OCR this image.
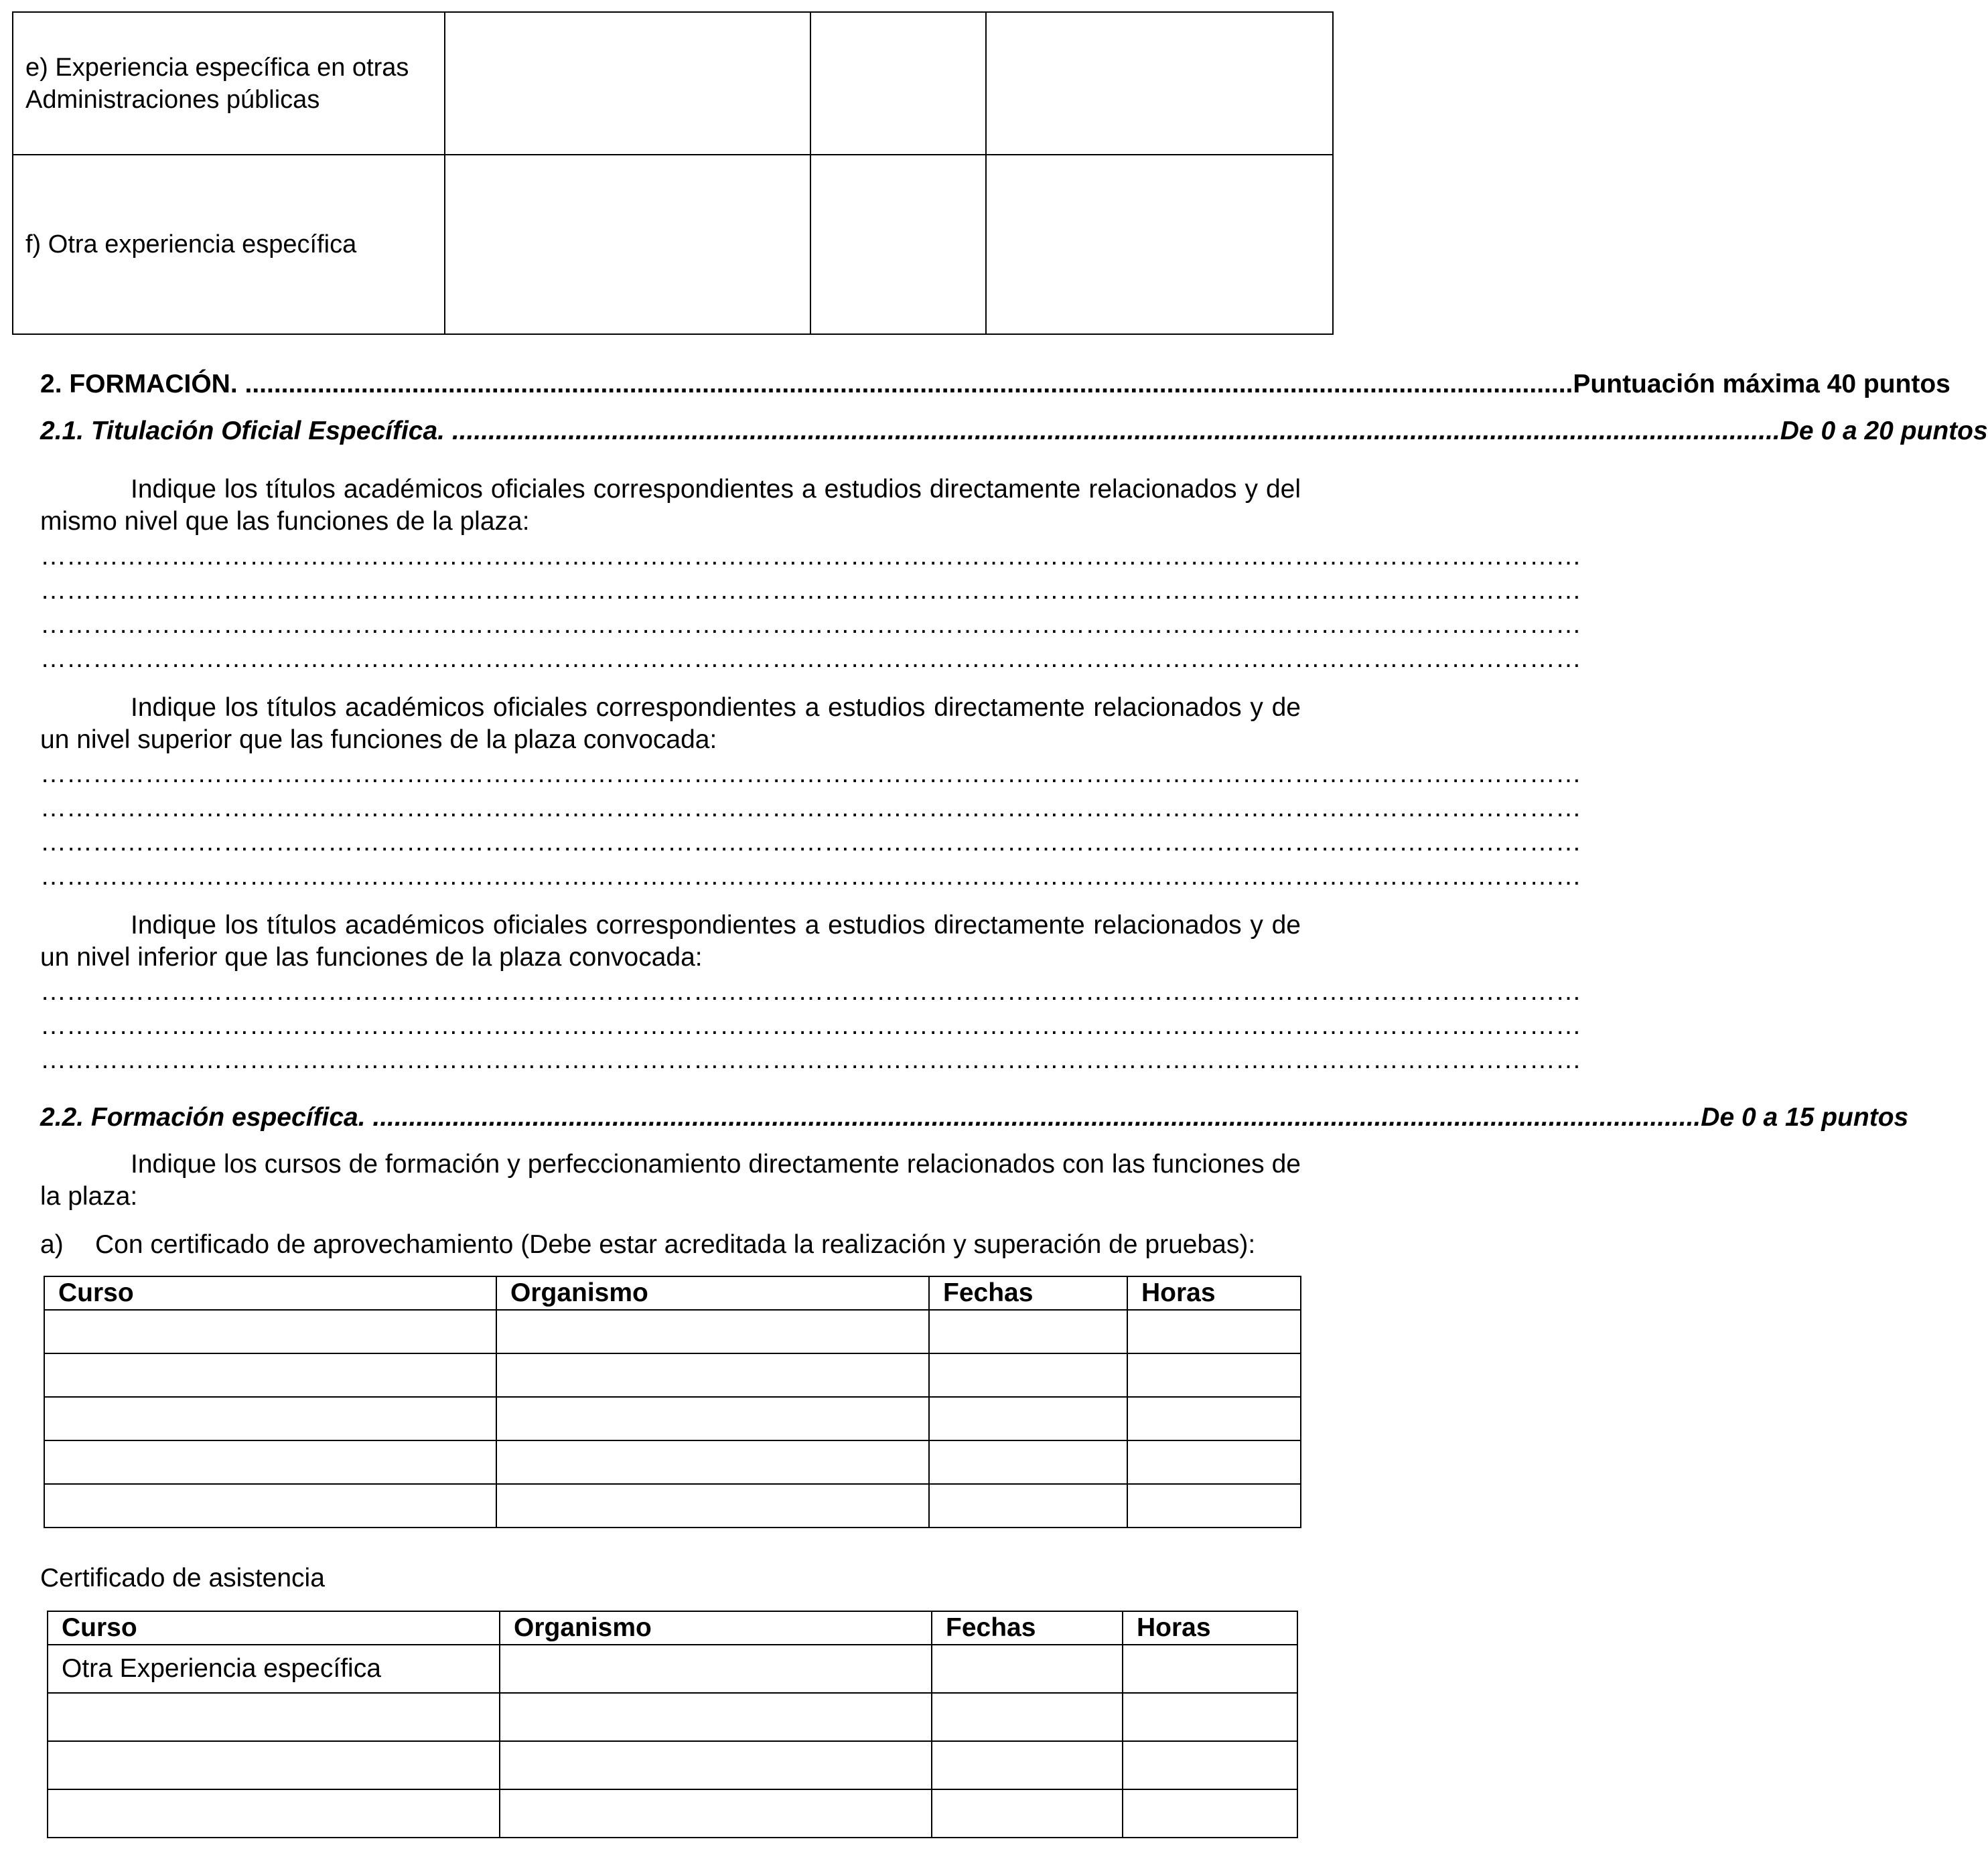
e) Experiencia específica en otras Administraciones públicas			
f) Otra experiencia específica			
2. FORMACIÓN. .....	Puntuación máxima 40 puntos
2.1. Titulación Oficial Específica. .....	De 0 a 20 puntos
Indique los títulos académicos oficiales correspondientes a estudios directamente relacionados y del mismo nivel que las funciones de la plaza:
……………………………………………………………………………………………………………………………………………………………
……………………………………………………………………………………………………………………………………………………………
……………………………………………………………………………………………………………………………………………………………
……………………………………………………………………………………………………………………………………………………………
Indique los títulos académicos oficiales correspondientes a estudios directamente relacionados y de un nivel superior que las funciones de la plaza convocada:
……………………………………………………………………………………………………………………………………………………………
……………………………………………………………………………………………………………………………………………………………
……………………………………………………………………………………………………………………………………………………………
……………………………………………………………………………………………………………………………………………………………
Indique los títulos académicos oficiales correspondientes a estudios directamente relacionados y de un nivel inferior que las funciones de la plaza convocada:
……………………………………………………………………………………………………………………………………………………………
……………………………………………………………………………………………………………………………………………………………
……………………………………………………………………………………………………………………………………………………………
2.2. Formación específica. .....	De 0 a 15 puntos
Indique los cursos de formación y perfeccionamiento directamente relacionados con las funciones de la plaza:
a)	Con certificado de aprovechamiento (Debe estar acreditada la realización y superación de pruebas):
Curso	Organismo	Fechas	Horas

Certificado de asistencia
Curso	Organismo	Fechas	Horas
Otra Experiencia específica			
